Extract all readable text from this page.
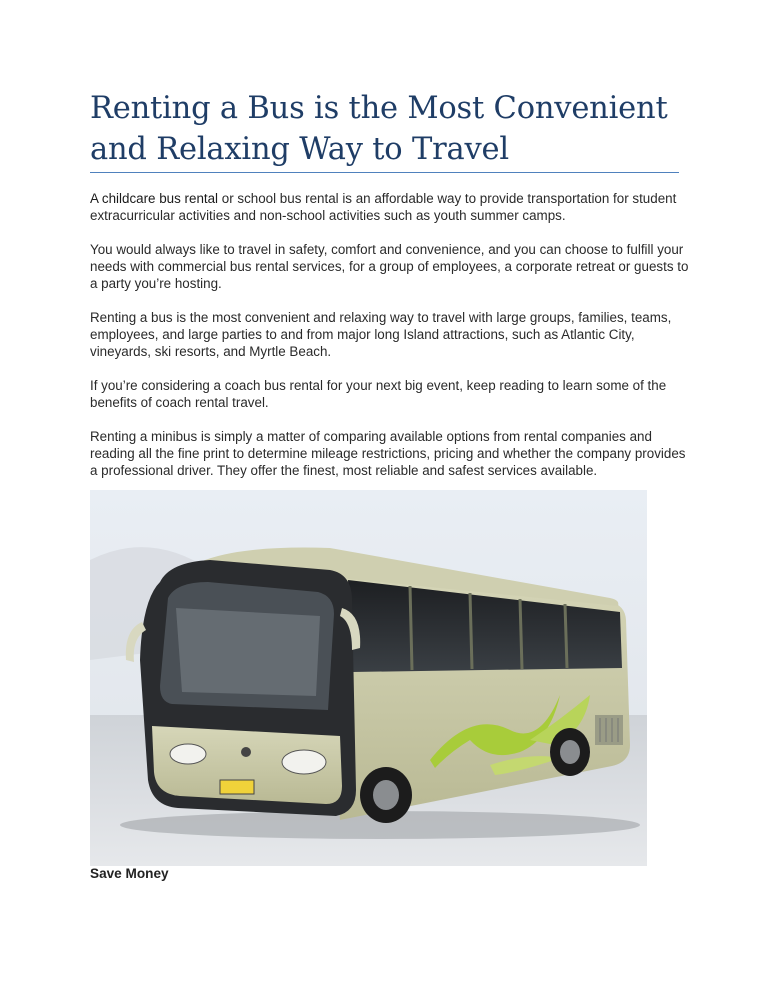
Renting a Bus is the Most Convenient and Relaxing Way to Travel

A childcare bus rental or school bus rental is an affordable way to provide transportation for student extracurricular activities and non-school activities such as youth summer camps.

You would always like to travel in safety, comfort and convenience, and you can choose to fulfill your needs with commercial bus rental services, for a group of employees, a corporate retreat or guests to a party you’re hosting.

Renting a bus is the most convenient and relaxing way to travel with large groups, families, teams, employees, and large parties to and from major long Island attractions, such as Atlantic City, vineyards, ski resorts, and Myrtle Beach.

If you’re considering a coach bus rental for your next big event, keep reading to learn some of the benefits of coach rental travel.

Renting a minibus is simply a matter of comparing available options from rental companies and reading all the fine print to determine mileage restrictions, pricing and whether the company provides a professional driver. They offer the finest, most reliable and safest services available.

Save Money
